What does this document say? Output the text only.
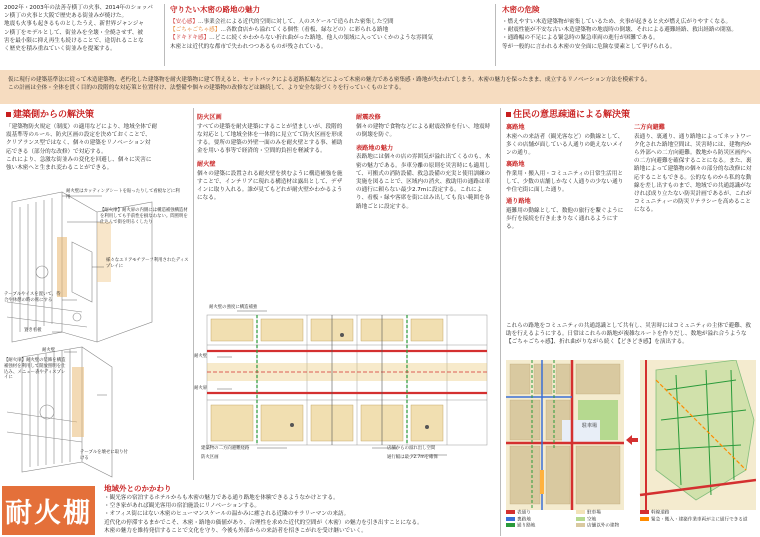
2002年・2003年の法善寺横丁の火事、2014年のショッパ
ン横丁の火事と大阪で歴史ある街並みが焼けた。
地震も火事も起きるものとしたうえ、新世界ジャンジャ
ン横丁をモデルとして、街並みを全壊・全焼させず、被
害を最小限に抑え再生も続けることで、途切れることな
く歴史を積み重ねていく街並みを提案する。
守りたい木密の路地の魅力
【安心感】…事業会社による近代的空間に対して、人のスケールで造られた密集した空間
【ごちゃごちゃ感】…各飲食店から溢れてくる個性（看板、緑などの）に彩られる路地
【ドキドキ感】…どこに続くかわからない折れ曲がった路地、他人の領域に入っていくかのような雰囲気
木密とは近代的な都市で失われつつあるものが残されている。
木密の危険
・燃えやすい木造建築物が密集しているため、火事が起きると火が燃え広がりやすくなる。
・耐震性能が不安な古い木造建築物の地震時の倒壊、それによる避難経路、救出経路の閉塞。
・通路幅の不足による緊急時の緊急車両の進行が困難である。
等が一般的に言われる木密の安全面に危険な要素として挙げられる。
仮に現行の建築基準法に従って木造建築物、老朽化した建築物を耐火建築物に建て替えると、セットバックによる道路拡幅などによって木密の魅力である密集感・路地が失われてしまう。木密の魅力を保ったまま、成立するリノベーション方法を模索する。
この計画は全体・全体を貫く目的の段階的な対応策と位置付け、法整備や個々の建築物の改修などは継続して、より安全な街づくりを行っていくものとする。
建築側からの解決策
「建築物防火規定（制度）の適用などにより、地域全体で耐
震基準等のルール、防火区画の設定を決めておくことで、
クリアランス型ではなく、個々の建築をリノベーション対
応できる（部分的な改修）で対応する。
これにより、急激な街並みの変化を回避し、個々に災害に
強い木密へと生まれ変わることができる。
耐火壁はカッティングシートを貼ったりして看板などに利用
【耐火扉】耐火扉の内側には構造補強構造材を利用しても手前性を損なわない。間照明を仕込んで街を明るくしたり
様々なエリアモチアーフ利用されたディスプレイに
テーブルやイスを置いて、待合や休憩の時の席にする
置き看板
耐火壁
【耐火扉】耐火壁の装飾を構造補強材を利用して開放照明を仕込み、メニュー表やディスプレイに
テーブルを壊せに取り付ける
防火区画
すべての建築を耐火建築にすることが望ましいが、段階的な対応として地域全体を一体的に見立てて防火区画を形成する。要所の建築の外壁一面のみを耐火壁とする事、補助金を用いる事等で経済的・空間的負担を軽減する。
耐火壁
個々の建築に設置される耐火壁を挟むように構造補強を施すことで、インテリアに現れる構造材は露出として、デザインに取り入れる。誰が見てもどれが耐火壁かわかるようになる。
耐震改修
個々の建物で食物などによる耐震改修を行い、地震時の倒壊を防ぐ。
表路地の魅力
表路地には個々の店の雰囲気が溢れ出てくるのも、木密の魅力である。歩車分離の原則を災害時にも適用して、可搬式の消防設備、救急設備の充実と使用訓練の実施を図ることで、区域内の消火、救助用の通路は車の通行に頼らない最少2.7mに設定する。これにより、看板・緑や客席を街にはみ出しても良い範囲を各路地ごとに設定する。
耐火壁の強度に構造補強
耐火壁
耐火扉
建築物の二方向避難経路
防火区画
店舗からの溢れ出し空間
通行幅は最少2.7mを確保
住民の意思疎通による解決策
裏路地
木密への来訪者（観光客など）の動線として、多くの店舗が面している人通りの絶えないメインの通り。
裏路地
作業用・搬入用・コミュニティの日常生活用として、少数の店舗しかなく人通りの少ない通りや住宅街に面した通り。
通り路地
避難用の動線として、数他の旅行を繋ぐように歩行を接続を行き止まりなく通れるようにする。
二方向避難
表通り、裏通り、通り路地によってネットワーク化された路地空間は、災害時には、建物内から外部への二方向避難。数地から防災区画内への二方向避難を確保することになる。また、裏路地によって建築物の個々の部分的な改修に対応することもできる。公的なものから私的な動線を差し出すものまで、地域での共通認識がなければ成り立たない防災計画であるが、これがコミュニティーの防災リテラシーを高めることになる。
これらの路地をコミュニティの共通認識として共有し、災害時にはコミュニティの主体で避難、救助を行えるようにする。日常はこれらの路地が複雑なルートを作りだし、数地が溢れ合うような【ごちゃごちゃ感】、折れ曲がりながら続く【どきどき感】を演出する。
駐車場
表通り
裏路地
通り路地
駐車場
空地
店舗以外の建物
幹線道路
緊急・搬入・建築作業車両が主に通行できる道
耐火棚
地域外とのかかわり
・観光客の宿泊するホテルからも木密の魅力である通り路地を体験できるようなかけとする。
・空き家があれば観光客用の宿泊施設にリノベーションする。
・オフィス街にはない木密のヒューマンスケールの温かみに癒される近隣のサラリーマンの来訪。
近代化の停滞するまかでこそ、木密・路地の価値があり、合理性を求めた近代的空間が（木密）の魅力を引き出すことになる。
木密の魅力を維持発信することで文化を守り、今後も外部からの来訪者を招きこがれを受け継いでいく。
